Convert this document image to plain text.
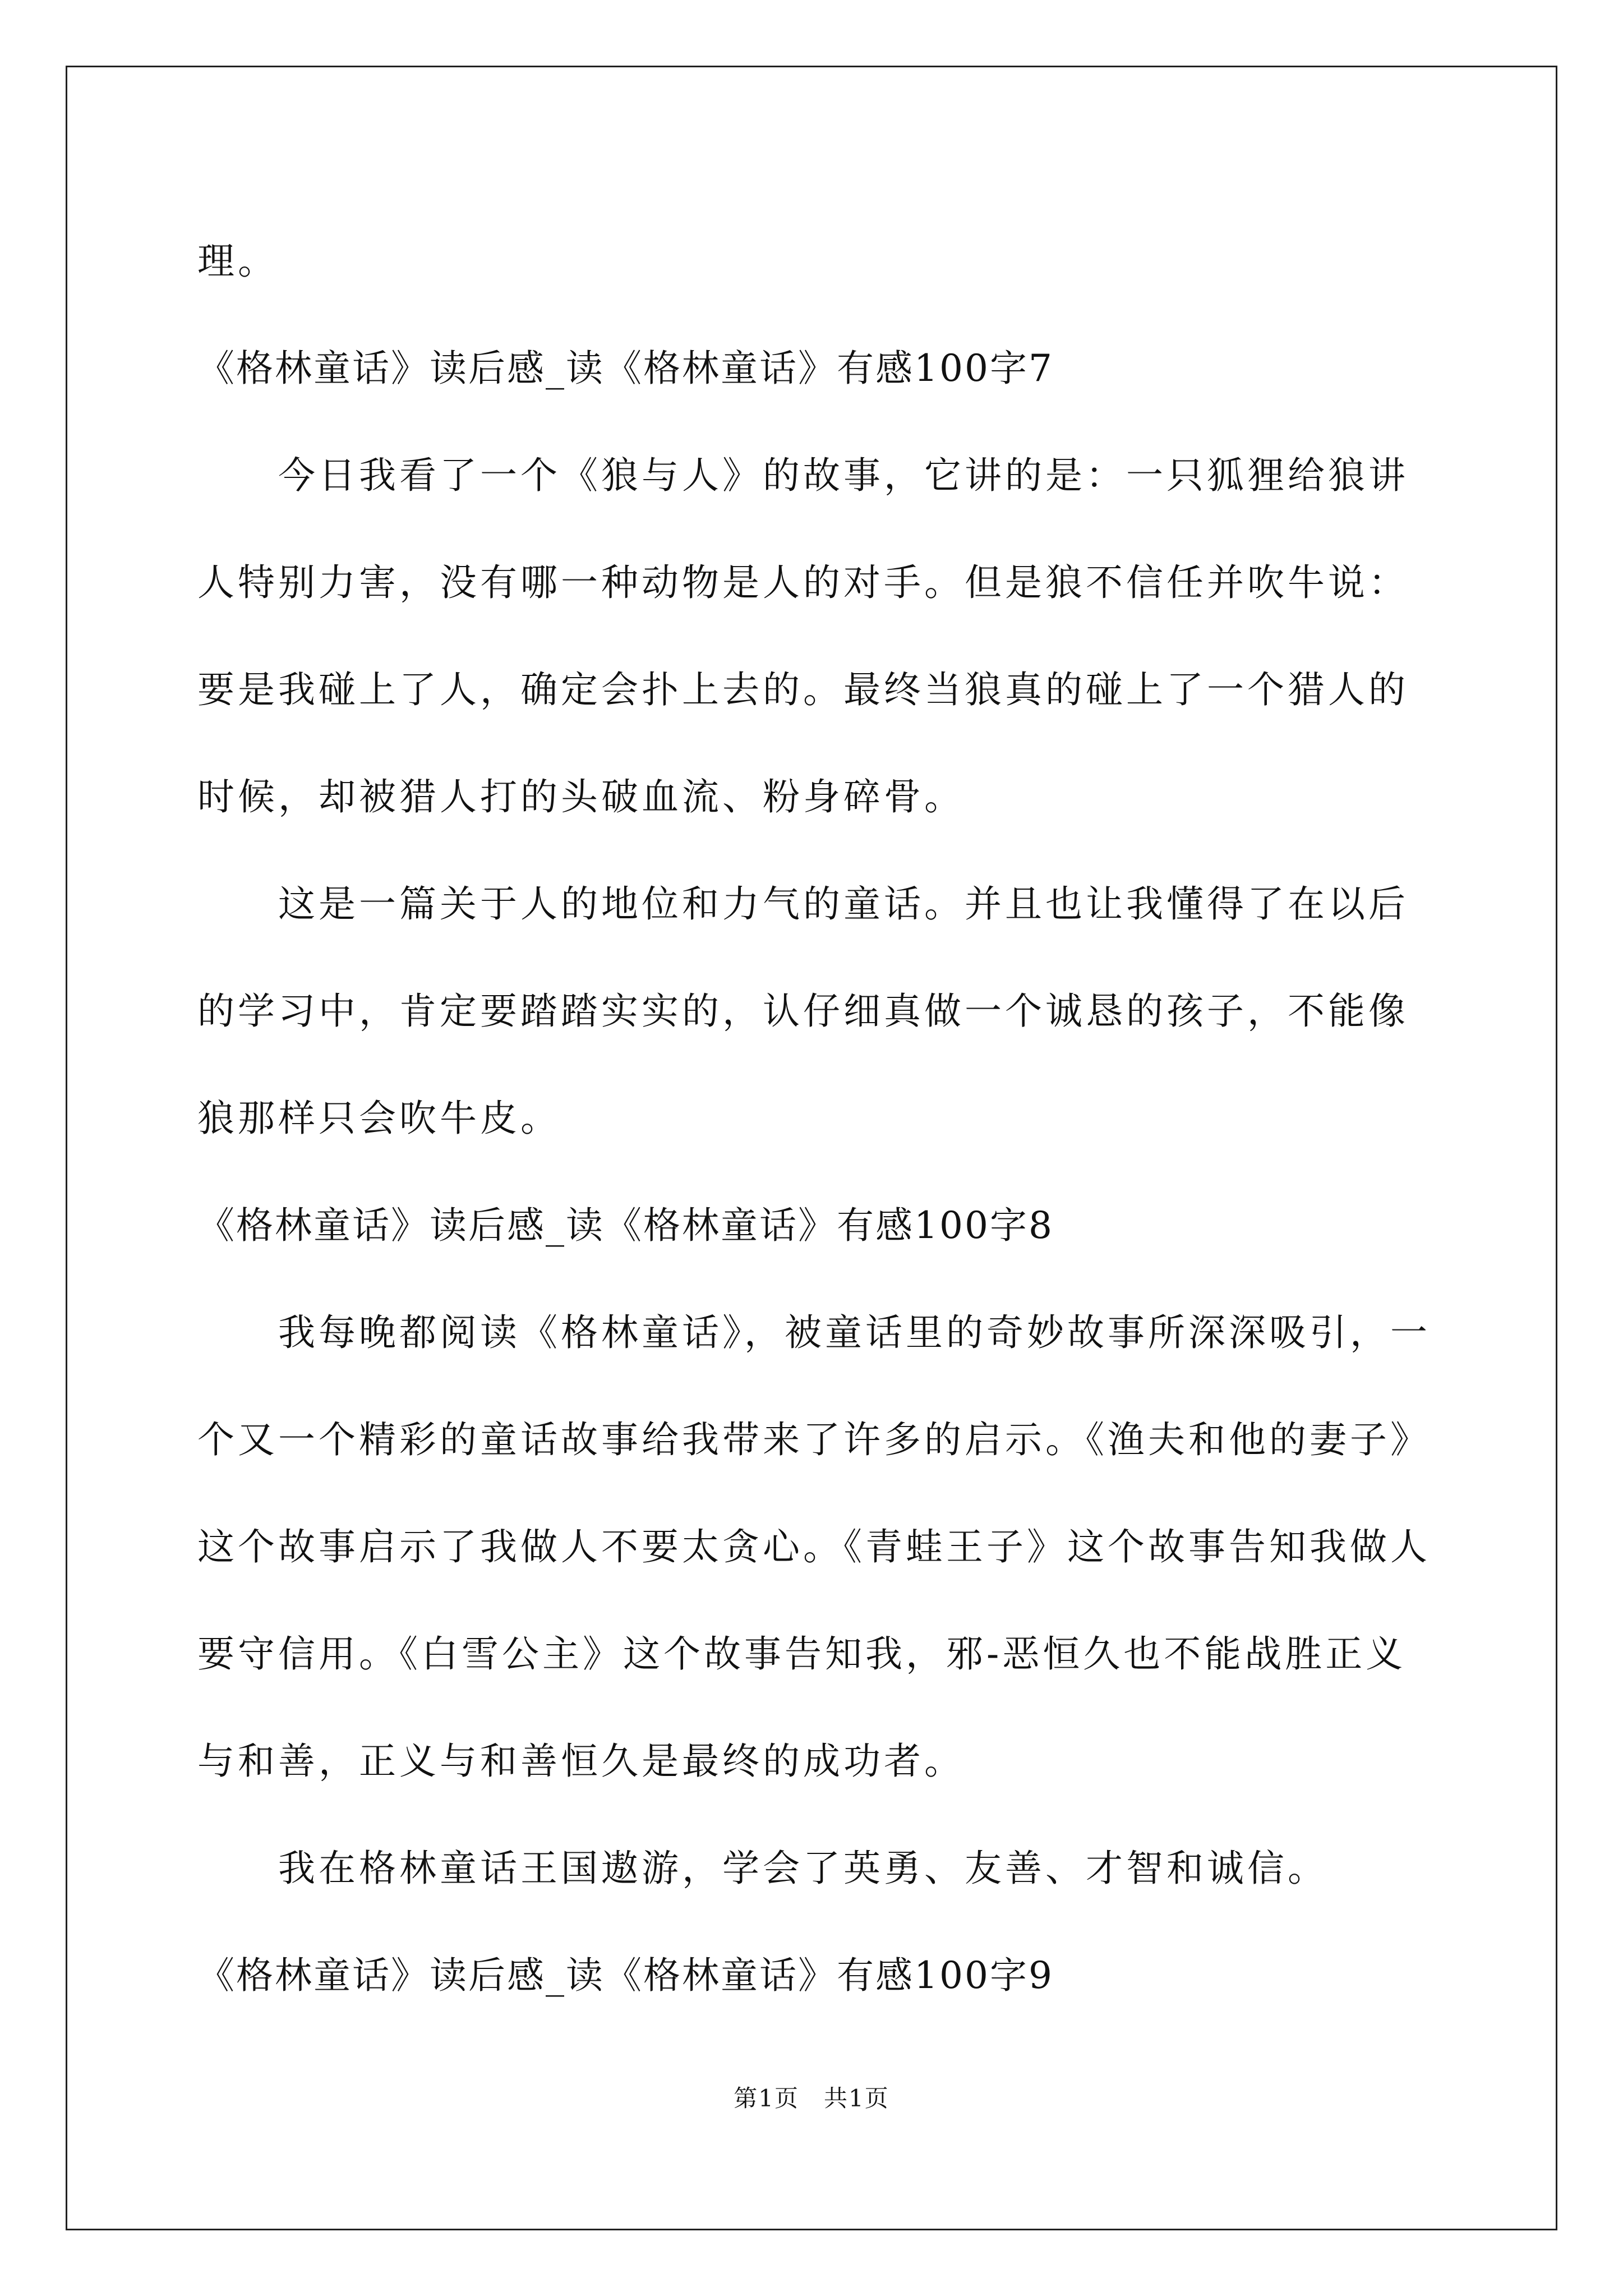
理。

《格林童话》读后感_读《格林童话》有感100字7

今日我看了一个《狼与人》的故事，它讲的是：一只狐狸给狼讲

人特别力害，没有哪一种动物是人的对手。但是狼不信任并吹牛说：

要是我碰上了人，确定会扑上去的。最终当狼真的碰上了一个猎人的

时候，却被猎人打的头破血流、粉身碎骨。

这是一篇关于人的地位和力气的童话。并且也让我懂得了在以后

的学习中，肯定要踏踏实实的，认仔细真做一个诚恳的孩子，不能像

狼那样只会吹牛皮。

《格林童话》读后感_读《格林童话》有感100字8

我每晚都阅读《格林童话》，被童话里的奇妙故事所深深吸引，一

个又一个精彩的童话故事给我带来了许多的启示。《渔夫和他的妻子》

这个故事启示了我做人不要太贪心。《青蛙王子》这个故事告知我做人

要守信用。《白雪公主》这个故事告知我，邪-恶恒久也不能战胜正义

与和善，正义与和善恒久是最终的成功者。

我在格林童话王国遨游，学会了英勇、友善、才智和诚信。

《格林童话》读后感_读《格林童话》有感100字9

第1页　共1页
